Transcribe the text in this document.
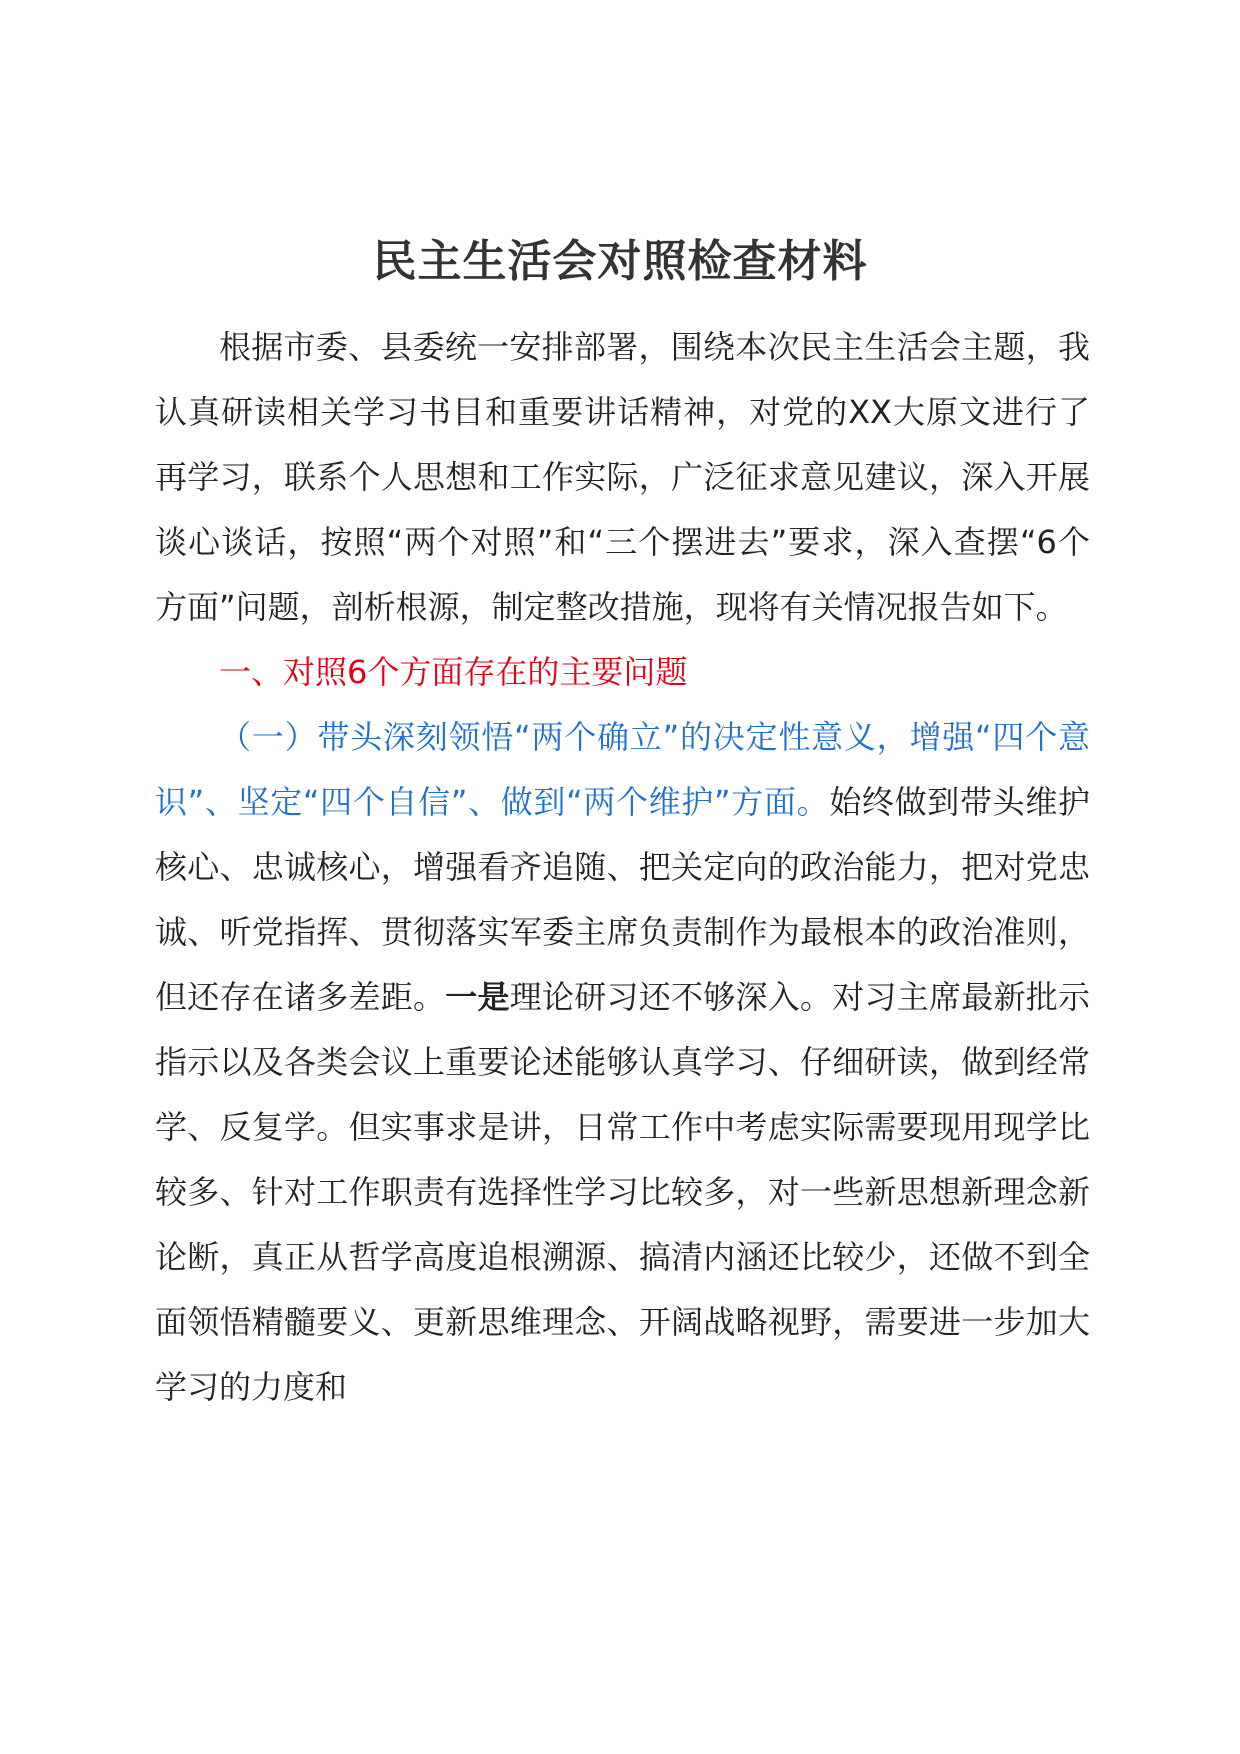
民主生活会对照检查材料

根据市委、县委统一安排部署，围绕本次民主生活会主题，我认真研读相关学习书目和重要讲话精神，对党的XX大原文进行了再学习，联系个人思想和工作实际，广泛征求意见建议，深入开展谈心谈话，按照“两个对照”和“三个摆进去”要求，深入查摆“6个方面”问题，剖析根源，制定整改措施，现将有关情况报告如下。

一、对照6个方面存在的主要问题

（一）带头深刻领悟“两个确立”的决定性意义，增强“四个意识”、坚定“四个自信”、做到“两个维护”方面。始终做到带头维护核心、忠诚核心，增强看齐追随、把关定向的政治能力，把对党忠诚、听党指挥、贯彻落实军委主席负责制作为最根本的政治准则，但还存在诸多差距。一是理论研习还不够深入。对习主席最新批示指示以及各类会议上重要论述能够认真学习、仔细研读，做到经常学、反复学。但实事求是讲，日常工作中考虑实际需要现用现学比较多、针对工作职责有选择性学习比较多，对一些新思想新理念新论断，真正从哲学高度追根溯源、搞清内涵还比较少，还做不到全面领悟精髓要义、更新思维理念、开阔战略视野，需要进一步加大学习的力度和
